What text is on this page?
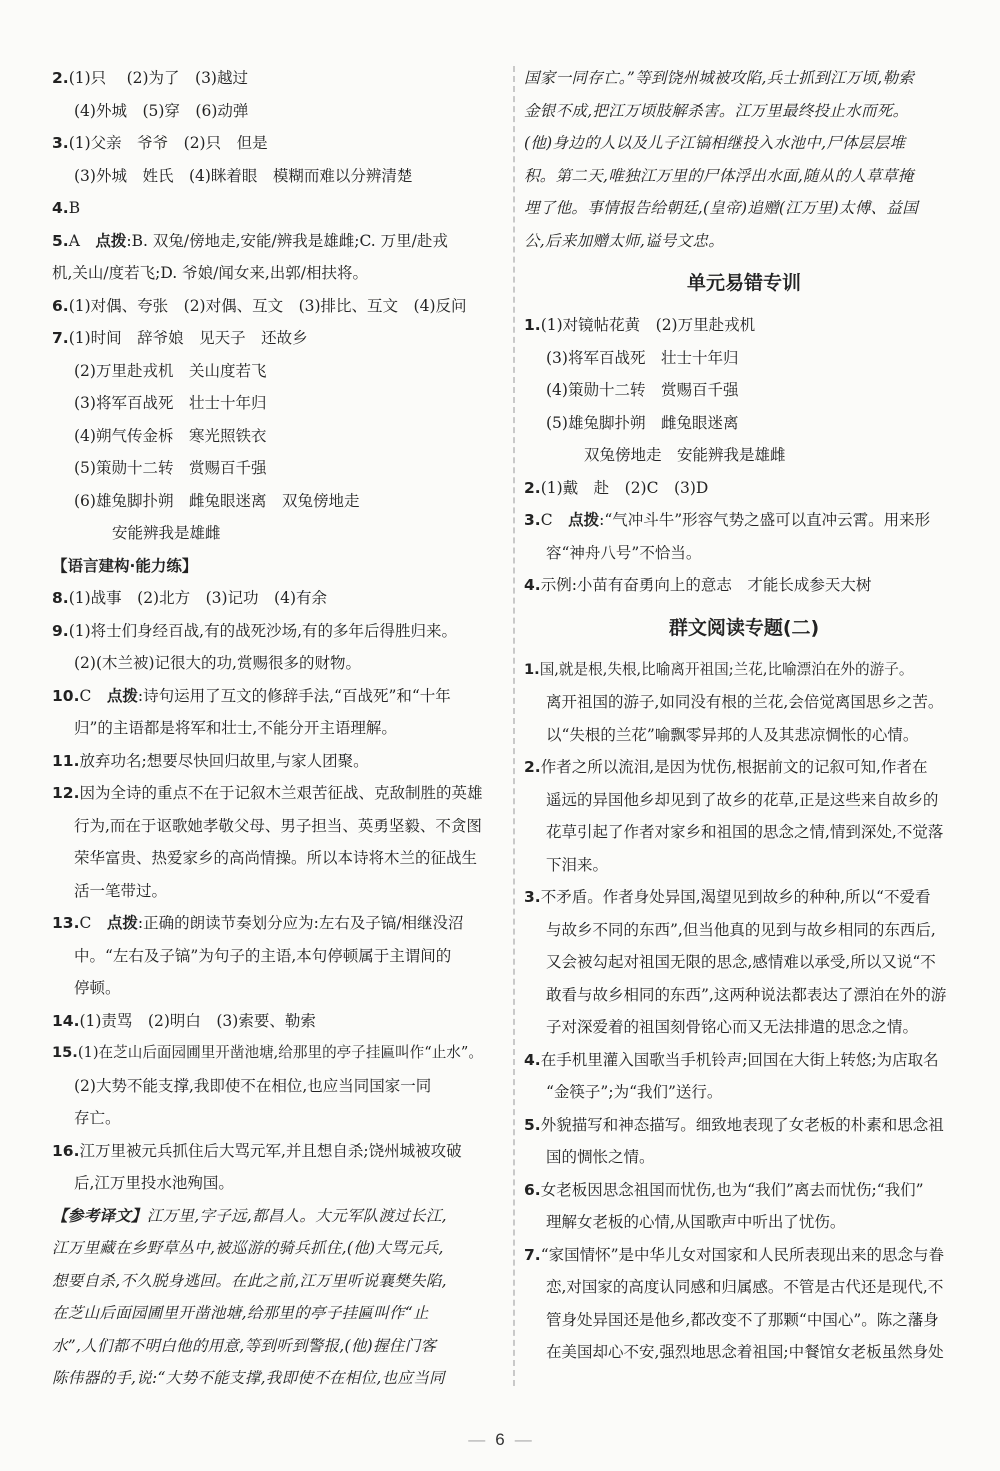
2.(1)只　 (2)为了　(3)越过
(4)外城　(5)穿　(6)动弹
3.(1)父亲　爷爷　(2)只　但是
(3)外城　姓氏　(4)眯着眼　模糊而难以分辨清楚
4.B
5.A　 点拨:B. 双兔/傍地走,安能/辨我是雄雌;C. 万里/赴戎
机,关山/度若飞;D. 爷娘/闻女来,出郭/相扶将。
6.(1)对偶、夸张　(2)对偶、互文　(3)排比、互文　(4)反问
7.(1)时间　辞爷娘　见天子　还故乡
(2)万里赴戎机　关山度若飞
(3)将军百战死　壮士十年归
(4)朔气传金柝　寒光照铁衣
(5)策勋十二转　赏赐百千强
(6)雄兔脚扑朔　雌兔眼迷离　双兔傍地走
安能辨我是雄雌
【语言建构·能力练】
8.(1)战事　(2)北方　(3)记功　(4)有余
9.(1)将士们身经百战,有的战死沙场,有的多年后得胜归来。
(2)(木兰被)记很大的功,赏赐很多的财物。
10.C　 点拨:诗句运用了互文的修辞手法,“百战死”和“十年
归”的主语都是将军和壮士,不能分开主语理解。
11.放弃功名;想要尽快回归故里,与家人团聚。
12.因为全诗的重点不在于记叙木兰艰苦征战、克敌制胜的英雄
行为,而在于讴歌她孝敬父母、男子担当、英勇坚毅、不贪图
荣华富贵、热爱家乡的高尚情操。所以本诗将木兰的征战生
活一笔带过。
13.C　 点拨:正确的朗读节奏划分应为:左右及子镐/相继没沼
中。“左右及子镐”为句子的主语,本句停顿属于主谓间的
停顿。
14.(1)责骂　(2)明白　(3)索要、勒索
15.(1)在芝山后面园圃里开凿池塘,给那里的亭子挂匾叫作“止水”。
(2)大势不能支撑,我即使不在相位,也应当同国家一同
存亡。
16.江万里被元兵抓住后大骂元军,并且想自杀;饶州城被攻破
后,江万里投水池殉国。
【参考译文】江万里,字子远,都昌人。大元军队渡过长江,
江万里藏在乡野草丛中,被巡游的骑兵抓住,(他)大骂元兵,
想要自杀,不久脱身逃回。在此之前,江万里听说襄樊失陷,
在芝山后面园圃里开凿池塘,给那里的亭子挂匾叫作“止
水”,人们都不明白他的用意,等到听到警报,(他)握住门客
陈伟器的手,说:“大势不能支撑,我即使不在相位,也应当同
国家一同存亡。”等到饶州城被攻陷,兵士抓到江万顷,勒索
金银不成,把江万顷肢解杀害。江万里最终投止水而死。
(他)身边的人以及儿子江镐相继投入水池中,尸体层层堆
积。第二天,唯独江万里的尸体浮出水面,随从的人草草掩
埋了他。事情报告给朝廷,(皇帝)追赠(江万里)太傅、益国
公,后来加赠太师,谥号文忠。
单元易错专训
1.(1)对镜帖花黄　(2)万里赴戎机
(3)将军百战死　壮士十年归
(4)策勋十二转　赏赐百千强
(5)雄兔脚扑朔　雌兔眼迷离
双兔傍地走　安能辨我是雄雌
2.(1)戴　赴　(2)C　(3)D
3.C　 点拨:“气冲斗牛”形容气势之盛可以直冲云霄。用来形
容“神舟八号”不恰当。
4.示例:小苗有奋勇向上的意志　才能长成参天大树
群文阅读专题(二)
1.国,就是根,失根,比喻离开祖国;兰花,比喻漂泊在外的游子。
离开祖国的游子,如同没有根的兰花,会倍觉离国思乡之苦。
以“失根的兰花”喻飘零异邦的人及其悲凉惆怅的心情。
2.作者之所以流泪,是因为忧伤,根据前文的记叙可知,作者在
遥远的异国他乡却见到了故乡的花草,正是这些来自故乡的
花草引起了作者对家乡和祖国的思念之情,情到深处,不觉落
下泪来。
3.不矛盾。作者身处异国,渴望见到故乡的种种,所以“不爱看
与故乡不同的东西”,但当他真的见到与故乡相同的东西后,
又会被勾起对祖国无限的思念,感情难以承受,所以又说“不
敢看与故乡相同的东西”,这两种说法都表达了漂泊在外的游
子对深爱着的祖国刻骨铭心而又无法排遣的思念之情。
4.在手机里灌入国歌当手机铃声;回国在大街上转悠;为店取名
“金筷子”;为“我们”送行。
5.外貌描写和神态描写。细致地表现了女老板的朴素和思念祖
国的惆怅之情。
6.女老板因思念祖国而忧伤,也为“我们”离去而忧伤;“我们”
理解女老板的心情,从国歌声中听出了忧伤。
7.“家国情怀”是中华儿女对国家和人民所表现出来的思念与眷
恋,对国家的高度认同感和归属感。不管是古代还是现代,不
管身处异国还是他乡,都改变不了那颗“中国心”。陈之藩身
在美国却心不安,强烈地思念着祖国;中餐馆女老板虽然身处
— 6 —
